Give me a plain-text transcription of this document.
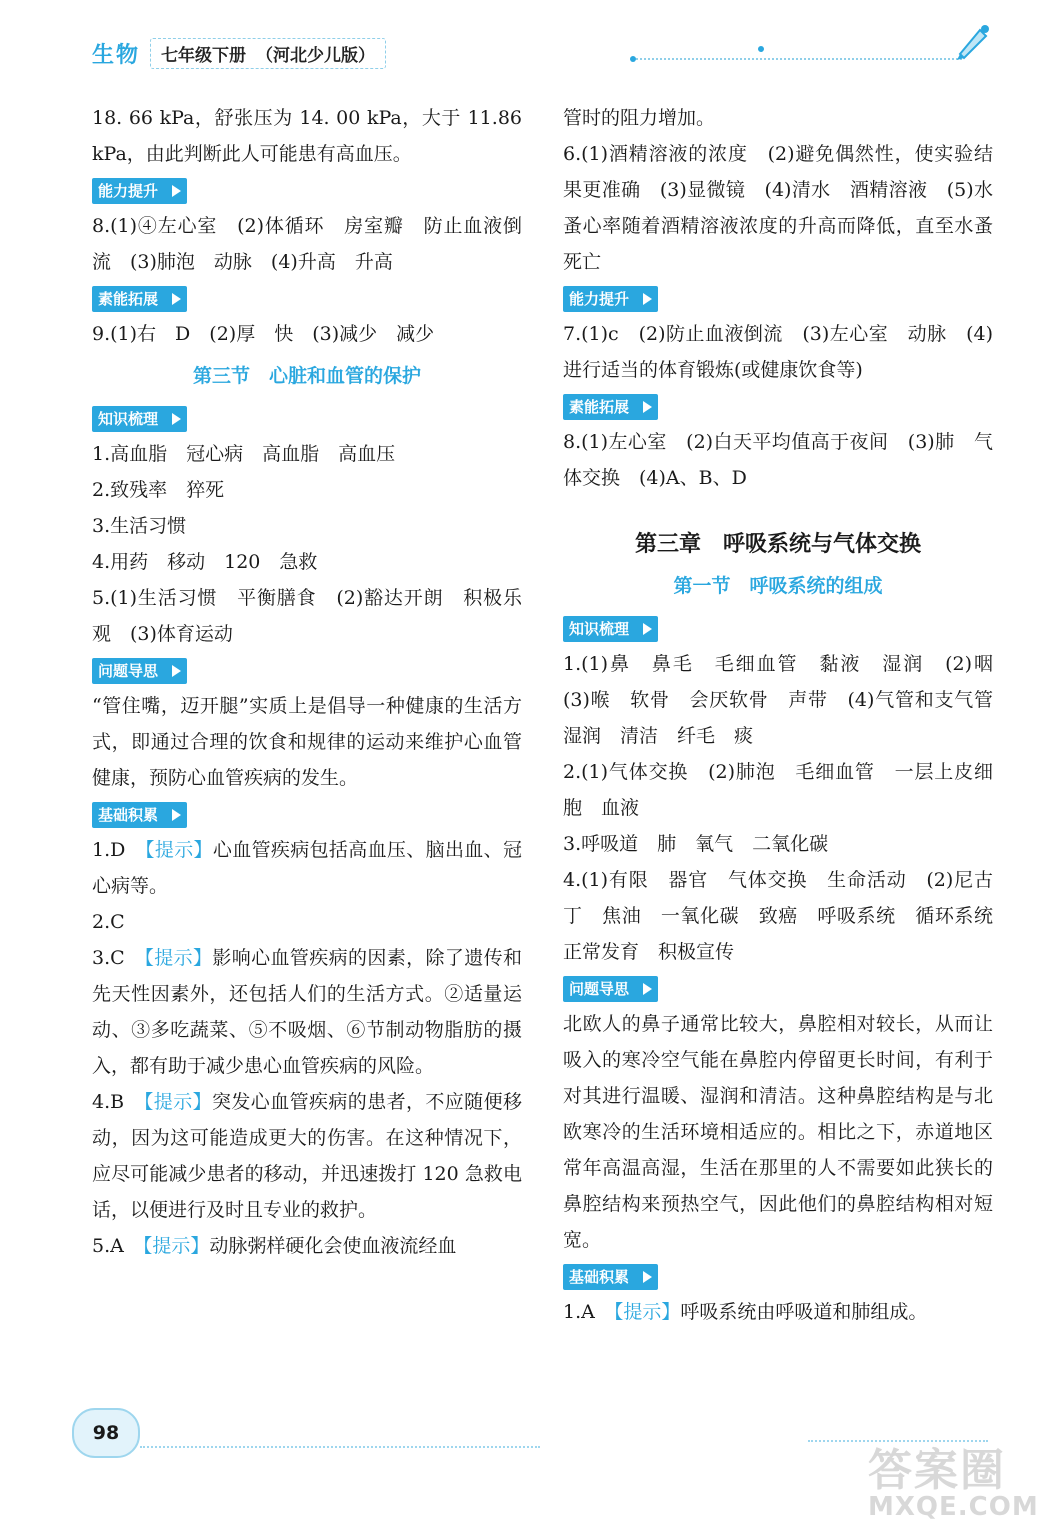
生物	七年级下册 （河北少儿版）

18. 66 kPa，舒张压为 14. 00 kPa，大于 11.86 kPa，由此判断此人可能患有高血压。

能力提升

8.(1)④左心室　(2)体循环　房室瓣　防止血液倒流　(3)肺泡　动脉　(4)升高　升高

素能拓展

9.(1)右　D　(2)厚　快　(3)减少　减少

第三节　心脏和血管的保护
知识梳理

1.高血脂　冠心病　高血脂　高血压

2.致残率　猝死

3.生活习惯

4.用药　移动　120　急救

5.(1)生活习惯　平衡膳食　(2)豁达开朗　积极乐观　(3)体育运动

问题导思

“管住嘴，迈开腿”实质上是倡导一种健康的生活方式，即通过合理的饮食和规律的运动来维护心血管健康，预防心血管疾病的发生。

基础积累

1.D　【提示】心血管疾病包括高血压、脑出血、冠心病等。

2.C

3.C　【提示】影响心血管疾病的因素，除了遗传和先天性因素外，还包括人们的生活方式。②适量运动、③多吃蔬菜、⑤不吸烟、⑥节制动物脂肪的摄入，都有助于减少患心血管疾病的风险。

4.B　【提示】突发心血管疾病的患者，不应随便移动，因为这可能造成更大的伤害。在这种情况下，应尽可能减少患者的移动，并迅速拨打 120 急救电话，以便进行及时且专业的救护。

5.A　【提示】动脉粥样硬化会使血液流经血

管时的阻力增加。

6.(1)酒精溶液的浓度　(2)避免偶然性，使实验结果更准确　(3)显微镜　(4)清水　酒精溶液　(5)水蚤心率随着酒精溶液浓度的升高而降低，直至水蚤死亡

能力提升

7.(1)c　(2)防止血液倒流　(3)左心室　动脉　(4)进行适当的体育锻炼(或健康饮食等)

素能拓展

8.(1)左心室　(2)白天平均值高于夜间　(3)肺　气体交换　(4)A、B、D

第三章　呼吸系统与气体交换
第一节　呼吸系统的组成
知识梳理

1.(1)鼻　鼻毛　毛细血管　黏液　湿润　(2)咽　(3)喉　软骨　会厌软骨　声带　(4)气管和支气管　湿润　清洁　纤毛　痰

2.(1)气体交换　(2)肺泡　毛细血管　一层上皮细胞　血液

3.呼吸道　肺　氧气　二氧化碳

4.(1)有限　器官　气体交换　生命活动　(2)尼古丁　焦油　一氧化碳　致癌　呼吸系统　循环系统　正常发育　积极宣传

问题导思

北欧人的鼻子通常比较大，鼻腔相对较长，从而让吸入的寒冷空气能在鼻腔内停留更长时间，有利于对其进行温暖、湿润和清洁。这种鼻腔结构是与北欧寒冷的生活环境相适应的。相比之下，赤道地区常年高温高湿，生活在那里的人不需要如此狭长的鼻腔结构来预热空气，因此他们的鼻腔结构相对短宽。

基础积累

1.A　【提示】呼吸系统由呼吸道和肺组成。

98
答案圈
MXQE.COM
